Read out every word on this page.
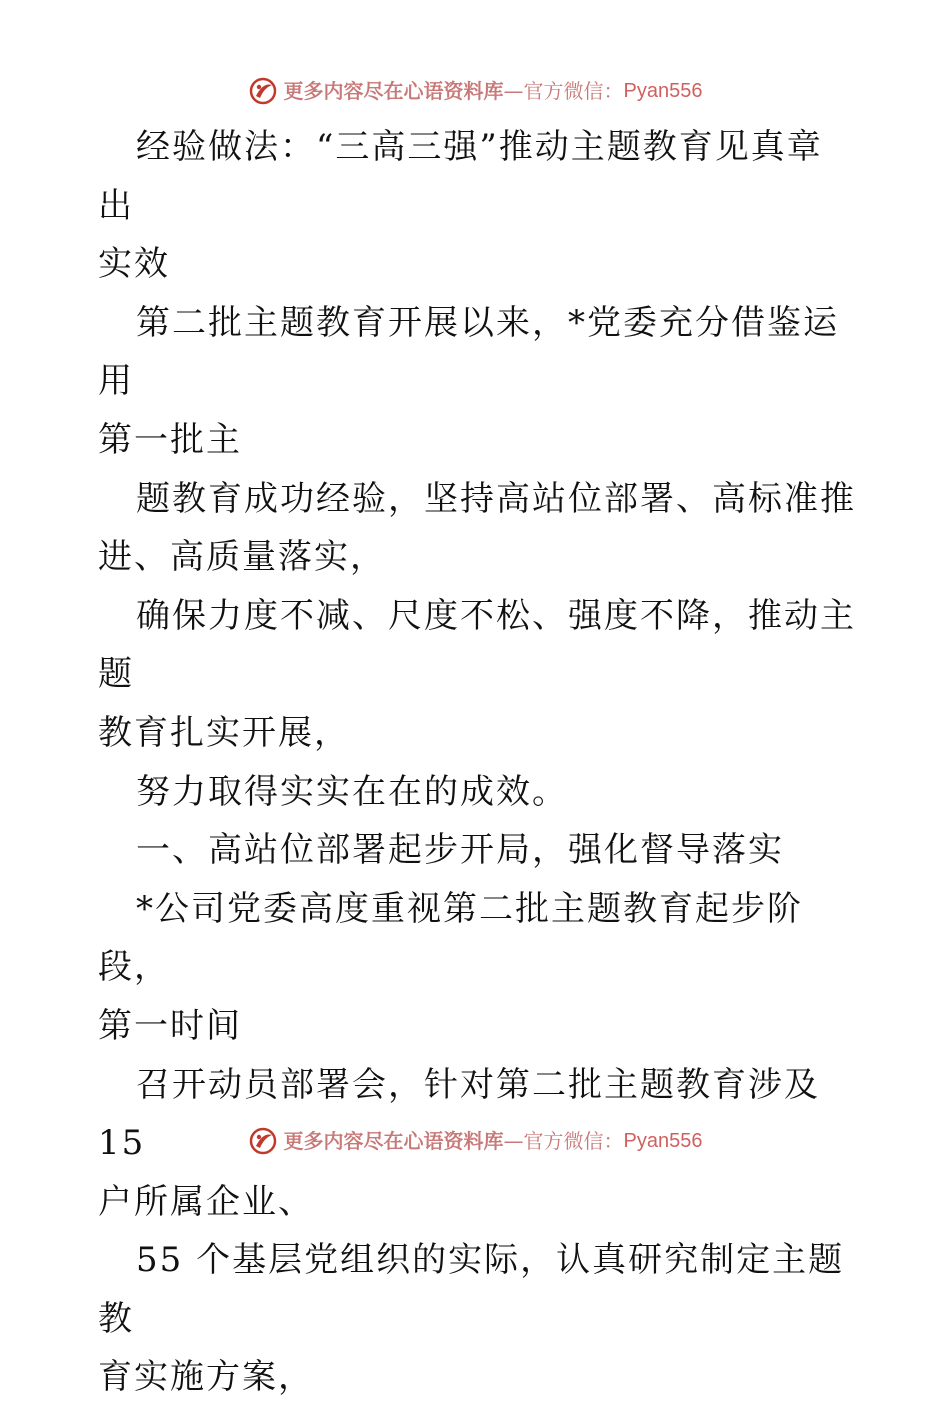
更多内容尽在心语资料库 — 官方微信： Pyan556

经验做法：“三高三强”推动主题教育见真章出

实效

第二批主题教育开展以来，*党委充分借鉴运用

第一批主

题教育成功经验，坚持高站位部署、高标准推

进、高质量落实，

确保力度不减、尺度不松、强度不降，推动主题

教育扎实开展，

努力取得实实在在的成效。

一、高站位部署起步开局，强化督导落实

*公司党委高度重视第二批主题教育起步阶段，

第一时间

召开动员部署会，针对第二批主题教育涉及 15

户所属企业、

55 个基层党组织的实际，认真研究制定主题教

育实施方案，

更多内容尽在心语资料库 — 官方微信： Pyan556
